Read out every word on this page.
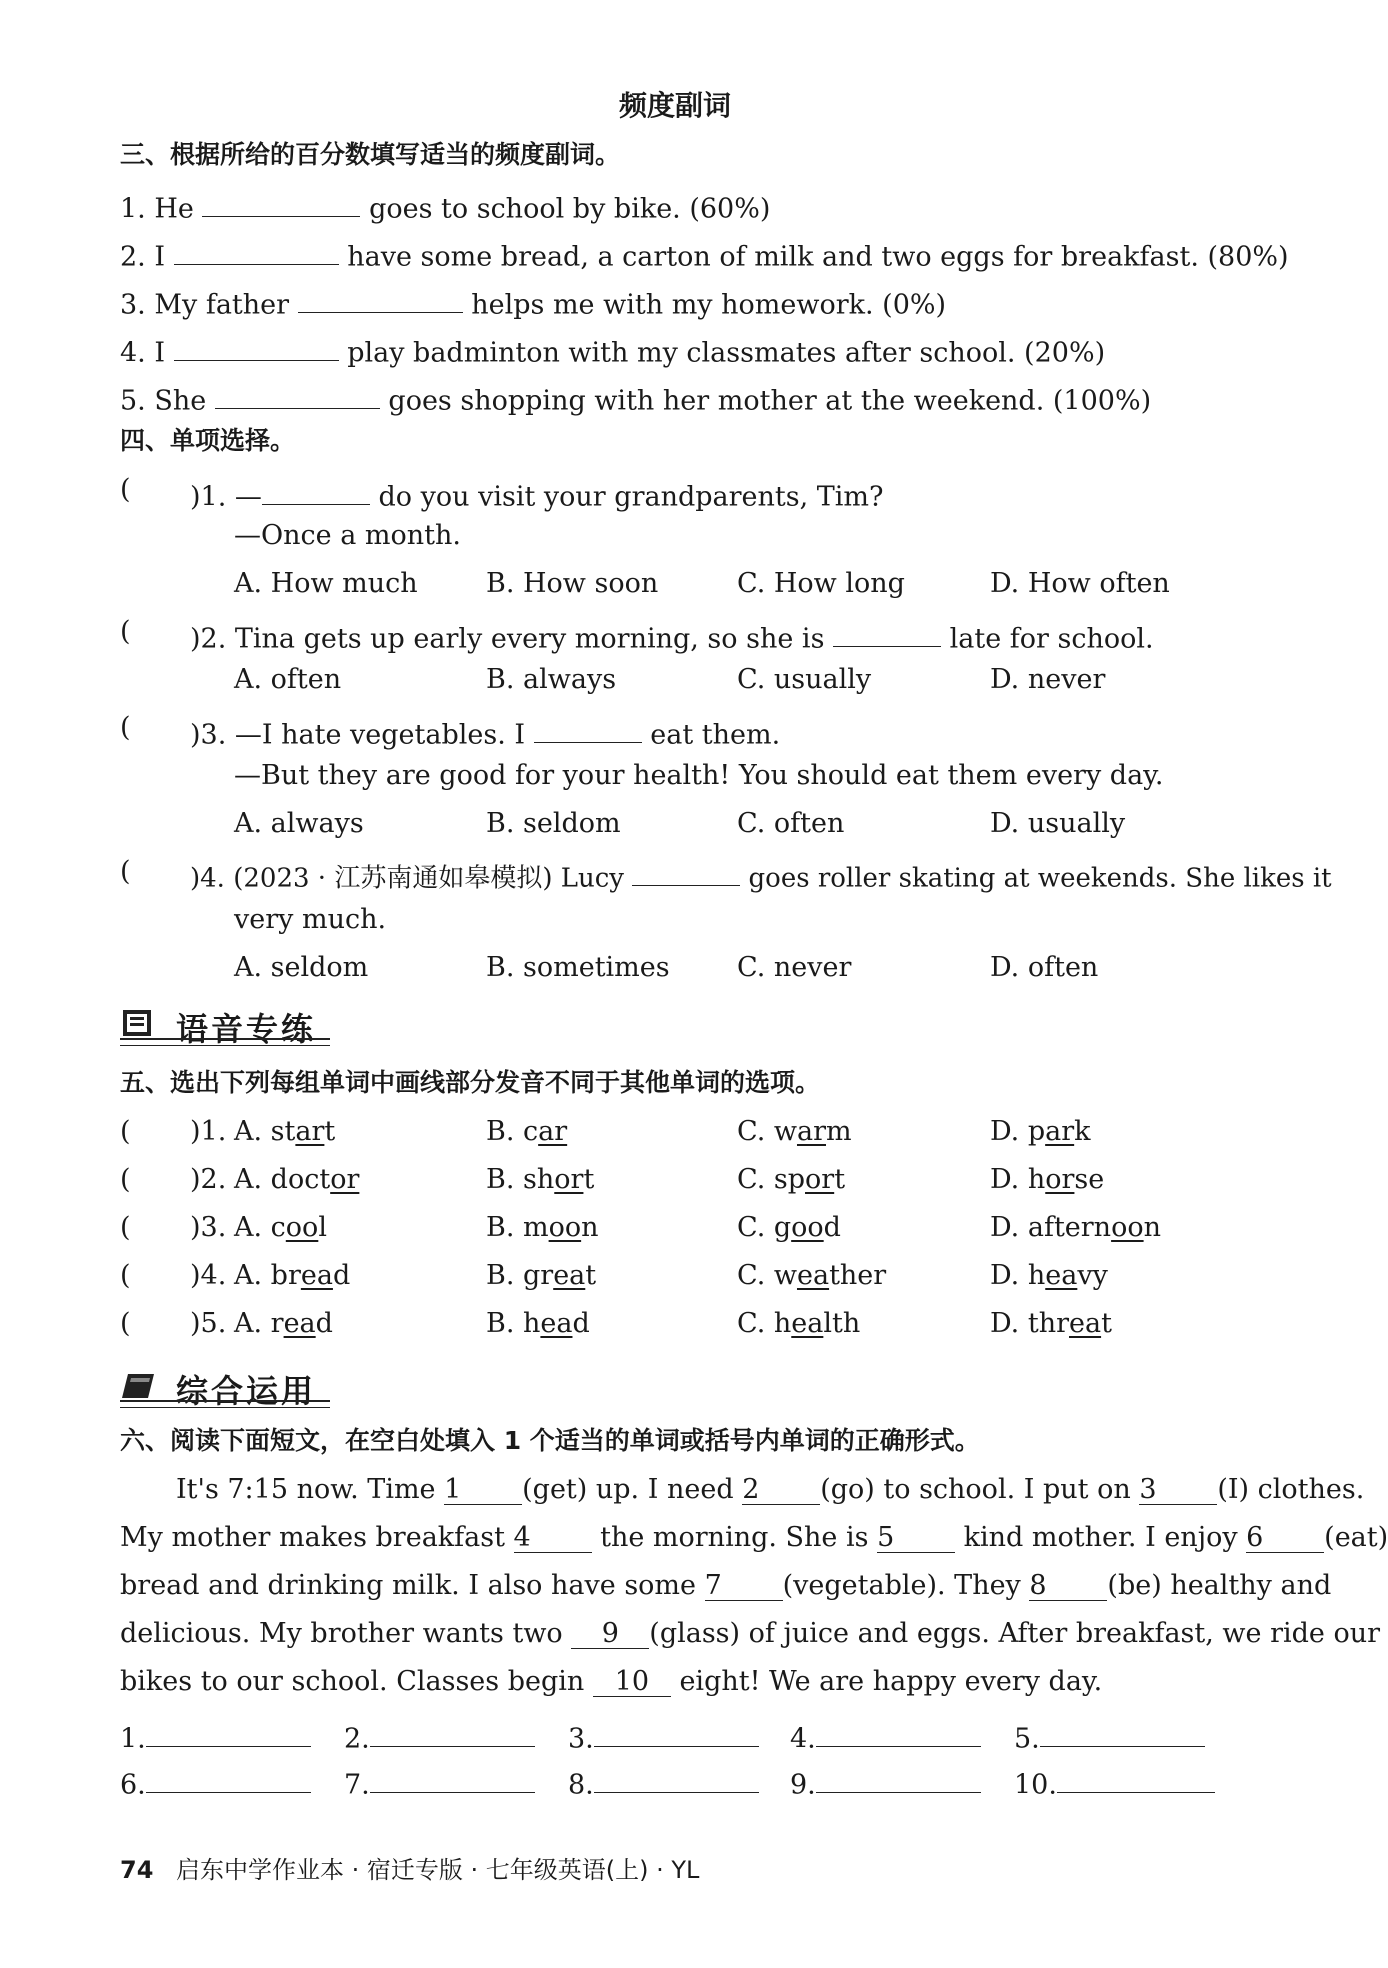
频度副词
三、根据所给的百分数填写适当的频度副词。
1. He	goes to school by bike. (60%)
2. I	have some bread, a carton of milk and two eggs for breakfast. (80%)
3. My father	helps me with my homework. (0%)
4. I	play badminton with my classmates after school. (20%)
5. She	goes shopping with her mother at the weekend. (100%)
四、单项选择。
( )1. —	do you visit your grandparents, Tim?
—Once a month.
A. How much	B. How soon	C. How long	D. How often
( )2. Tina gets up early every morning, so she is	late for school.
A. often	B. always	C. usually	D. never
( )3. —I hate vegetables. I	eat them.
—But they are good for your health! You should eat them every day.
A. always	B. seldom	C. often	D. usually
( )4. (2023 · 江苏南通如皋模拟) Lucy	goes roller skating at weekends. She likes it
very much.
A. seldom	B. sometimes C. never	D. often
语音专练
五、选出下列每组单词中画线部分发音不同于其他单词的选项。
( )1. A. start	B. car	C. warm	D. park
( )2. A. doctor	B. short	C. sport	D. horse
( )3. A. cool	B. moon	C. good	D. afternoon
( )4. A. bread	B. great	C. weather	D. heavy
( )5. A. read	B. head	C. health	D. threat
综合运用
六、阅读下面短文，在空白处填入 1 个适当的单词或括号内单词的正确形式。
It's 7:15 now. Time 1 (get) up. I need 2 (go) to school. I put on 3 (I) clothes.
My mother makes breakfast 4 the morning. She is 5 kind mother. I enjoy 6 (eat)
bread and drinking milk. I also have some 7 (vegetable). They 8 (be) healthy and
delicious. My brother wants two 9 (glass) of juice and eggs. After breakfast, we ride our
bikes to our school. Classes begin 10 eight! We are happy every day.
1.	2.	3.	4.	5.
6.	7.	8.	9.	10.
74 启东中学作业本 · 宿迁专版 · 七年级英语(上) · YL
